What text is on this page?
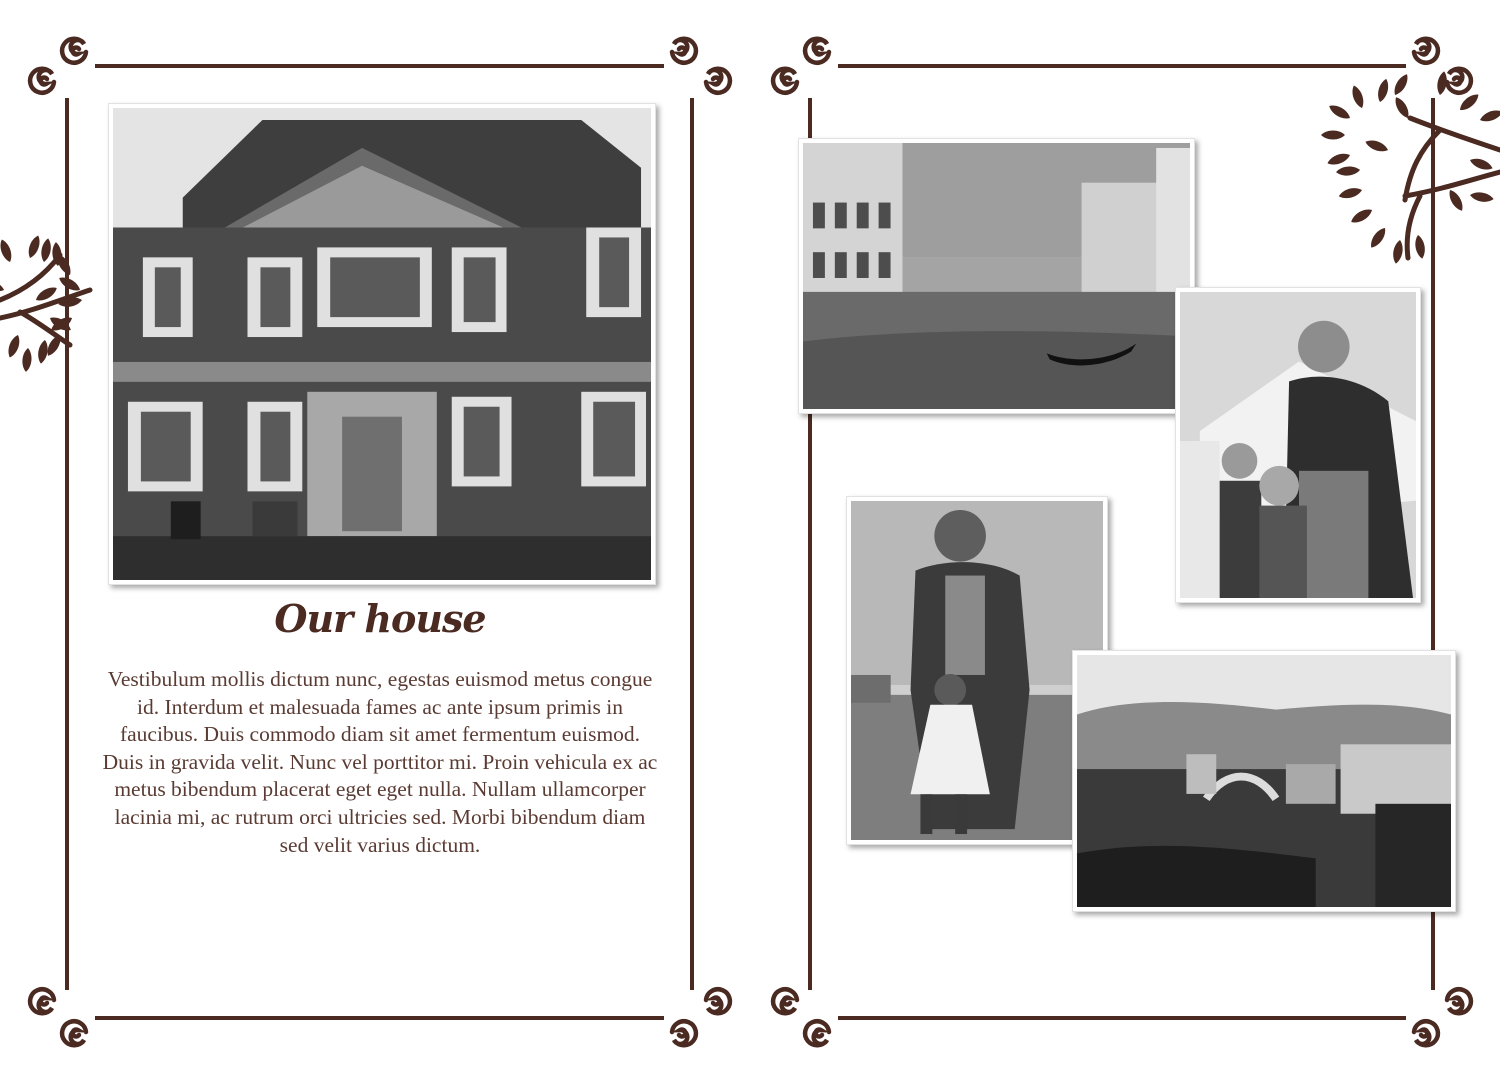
Our house
Vestibulum mollis dictum nunc, egestas euismod metus congue id. Interdum et malesuada fames ac ante ipsum primis in faucibus. Duis commodo diam sit amet fermentum euismod. Duis in gravida velit. Nunc vel porttitor mi. Proin vehicula ex ac metus bibendum placerat eget eget nulla. Nullam ullamcorper lacinia mi, ac rutrum orci ultricies sed. Morbi bibendum diam sed velit varius dictum.
